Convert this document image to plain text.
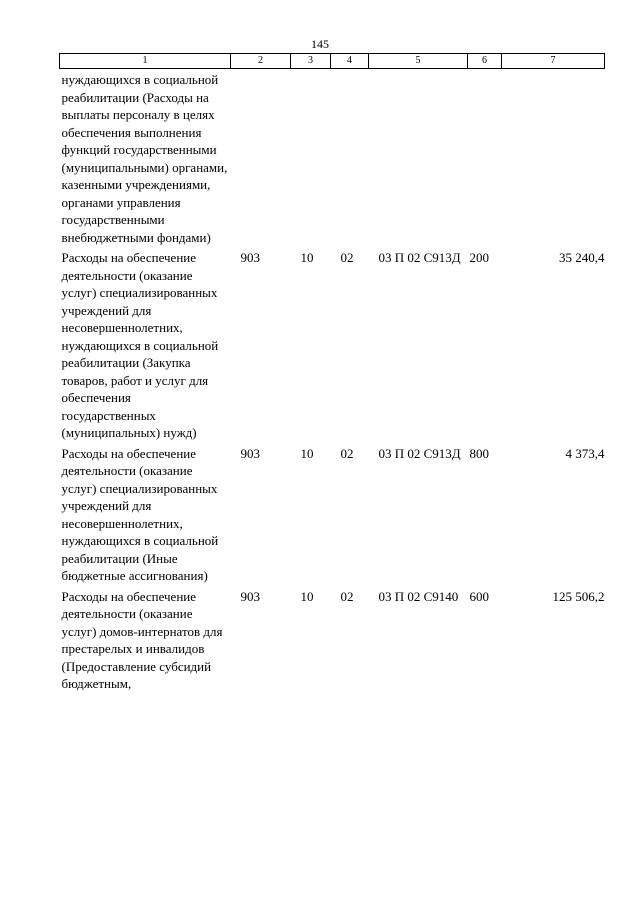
145
1	2	3	4	5	6	7
нуждающихся в социальной реабилитации (Расходы на выплаты персоналу в целях обеспечения выполнения функций государственными (муниципальными) органами, казенными учреждениями, органами управления государственными внебюджетными фондами)						
Расходы на обеспечение деятельности (оказание услуг) специализированных учреждений для несовершеннолетних, нуждающихся в социальной реабилитации (Закупка товаров, работ и услуг для обеспечения государственных (муниципальных) нужд)	903	10	02	03 П 02 С913Д	200	35 240,4
Расходы на обеспечение деятельности (оказание услуг) специализированных учреждений для несовершеннолетних, нуждающихся в социальной реабилитации (Иные бюджетные ассигнования)	903	10	02	03 П 02 С913Д	800	4 373,4
Расходы на обеспечение деятельности (оказание услуг) домов-интернатов для престарелых и инвалидов (Предоставление субсидий бюджетным,	903	10	02	03 П 02 С9140	600	125 506,2
